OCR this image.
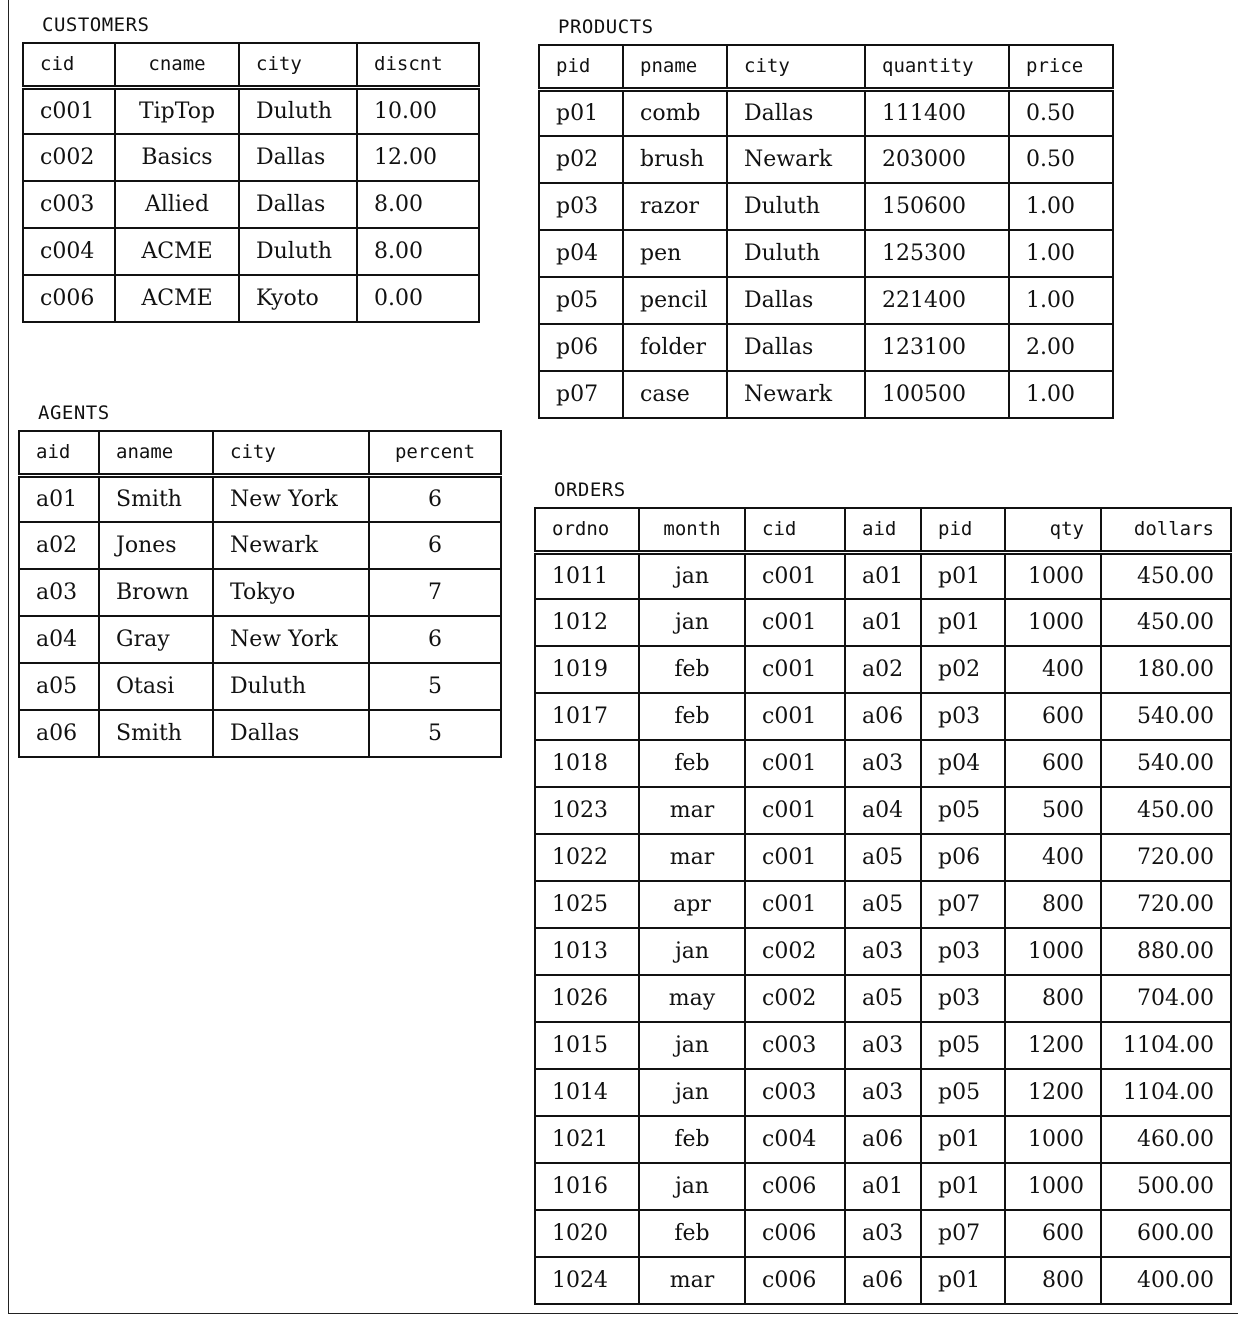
CUSTOMERS
cid	cname	city	discnt
c001	TipTop	Duluth	10.00
c002	Basics	Dallas	12.00
c003	Allied	Dallas	8.00
c004	ACME	Duluth	8.00
c006	ACME	Kyoto	0.00
PRODUCTS
pid	pname	city	quantity	price
p01	comb	Dallas	111400	0.50
p02	brush	Newark	203000	0.50
p03	razor	Duluth	150600	1.00
p04	pen	Duluth	125300	1.00
p05	pencil	Dallas	221400	1.00
p06	folder	Dallas	123100	2.00
p07	case	Newark	100500	1.00
AGENTS
aid	aname	city	percent
a01	Smith	New York	6
a02	Jones	Newark	6
a03	Brown	Tokyo	7
a04	Gray	New York	6
a05	Otasi	Duluth	5
a06	Smith	Dallas	5
ORDERS
ordno	month	cid	aid	pid	qty	dollars
1011	jan	c001	a01	p01	1000	450.00
1012	jan	c001	a01	p01	1000	450.00
1019	feb	c001	a02	p02	400	180.00
1017	feb	c001	a06	p03	600	540.00
1018	feb	c001	a03	p04	600	540.00
1023	mar	c001	a04	p05	500	450.00
1022	mar	c001	a05	p06	400	720.00
1025	apr	c001	a05	p07	800	720.00
1013	jan	c002	a03	p03	1000	880.00
1026	may	c002	a05	p03	800	704.00
1015	jan	c003	a03	p05	1200	1104.00
1014	jan	c003	a03	p05	1200	1104.00
1021	feb	c004	a06	p01	1000	460.00
1016	jan	c006	a01	p01	1000	500.00
1020	feb	c006	a03	p07	600	600.00
1024	mar	c006	a06	p01	800	400.00
